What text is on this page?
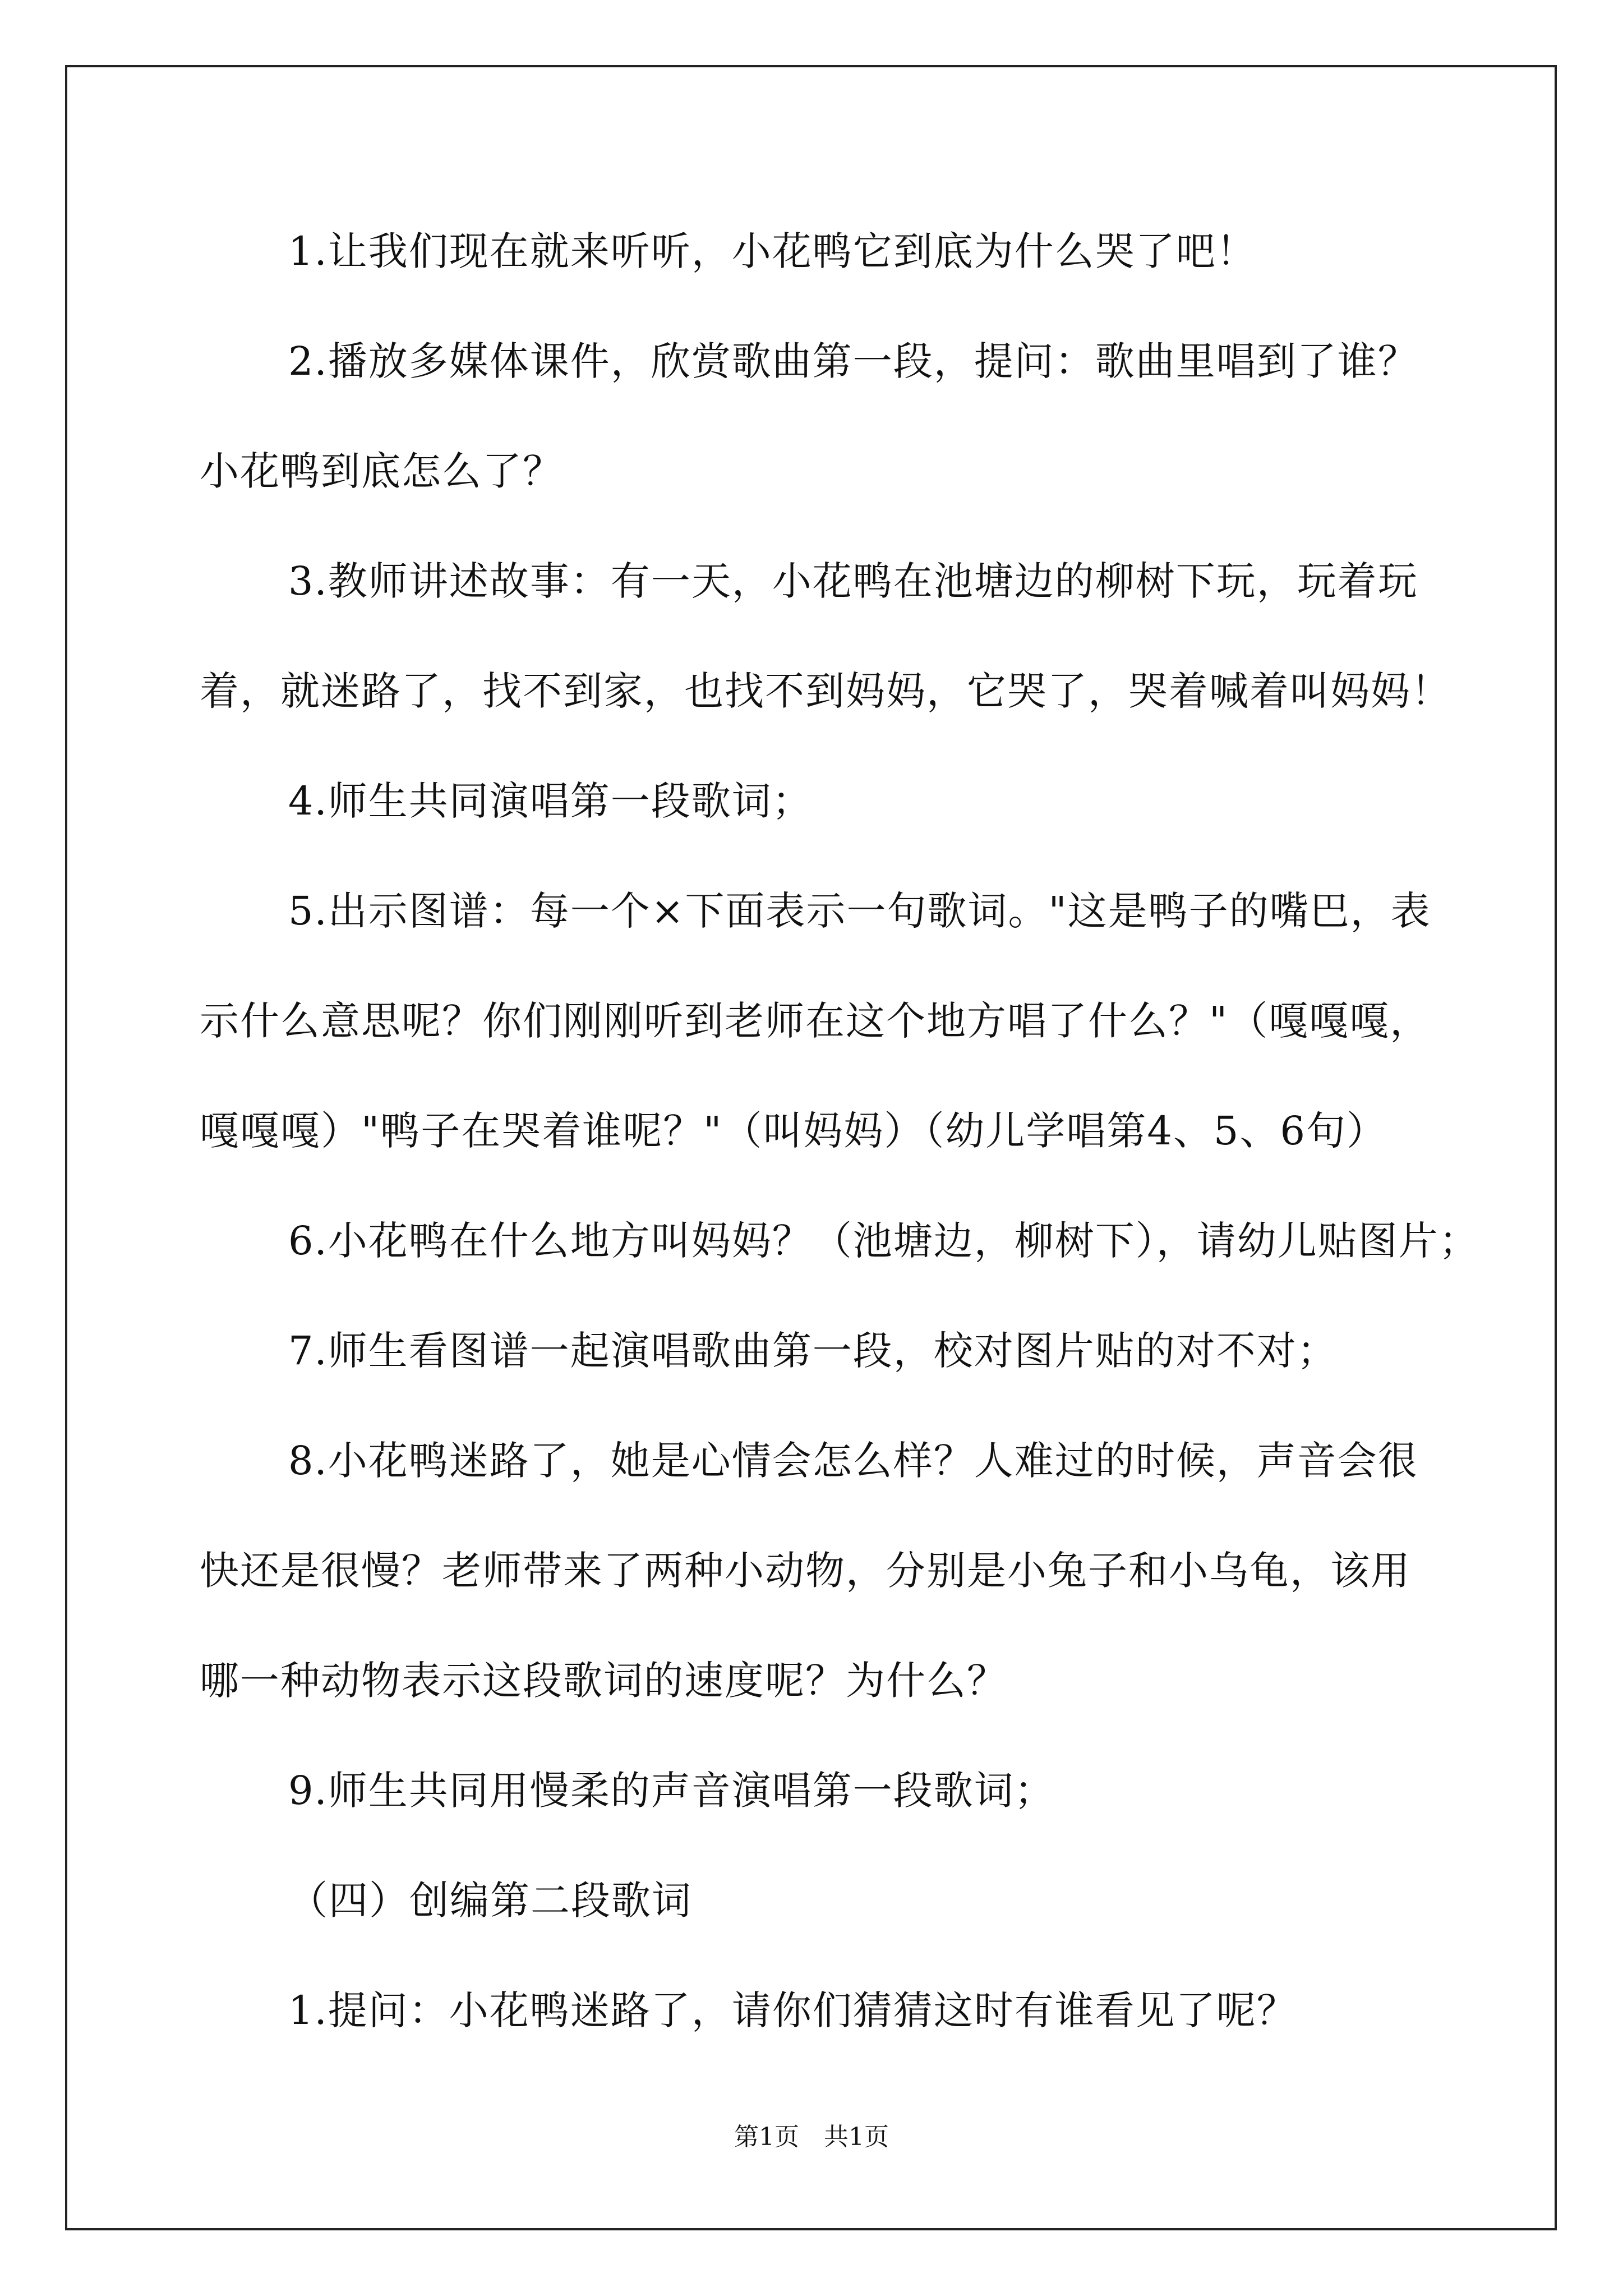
1.让我们现在就来听听，小花鸭它到底为什么哭了吧！
2.播放多媒体课件，欣赏歌曲第一段，提问：歌曲里唱到了谁？
小花鸭到底怎么了？
3.教师讲述故事：有一天，小花鸭在池塘边的柳树下玩，玩着玩
着，就迷路了，找不到家，也找不到妈妈，它哭了，哭着喊着叫妈妈！
4.师生共同演唱第一段歌词；
5.出示图谱：每一个×下面表示一句歌词。"这是鸭子的嘴巴，表
示什么意思呢？你们刚刚听到老师在这个地方唱了什么？"（嘎嘎嘎，
嘎嘎嘎）"鸭子在哭着谁呢？"（叫妈妈）（幼儿学唱第4、5、6句）
6.小花鸭在什么地方叫妈妈？（池塘边，柳树下），请幼儿贴图片；
7.师生看图谱一起演唱歌曲第一段，校对图片贴的对不对；
8.小花鸭迷路了，她是心情会怎么样？人难过的时候，声音会很
快还是很慢？老师带来了两种小动物，分别是小兔子和小乌龟，该用
哪一种动物表示这段歌词的速度呢？为什么？
9.师生共同用慢柔的声音演唱第一段歌词；
（四）创编第二段歌词
1.提问：小花鸭迷路了，请你们猜猜这时有谁看见了呢？
第1页　共1页
